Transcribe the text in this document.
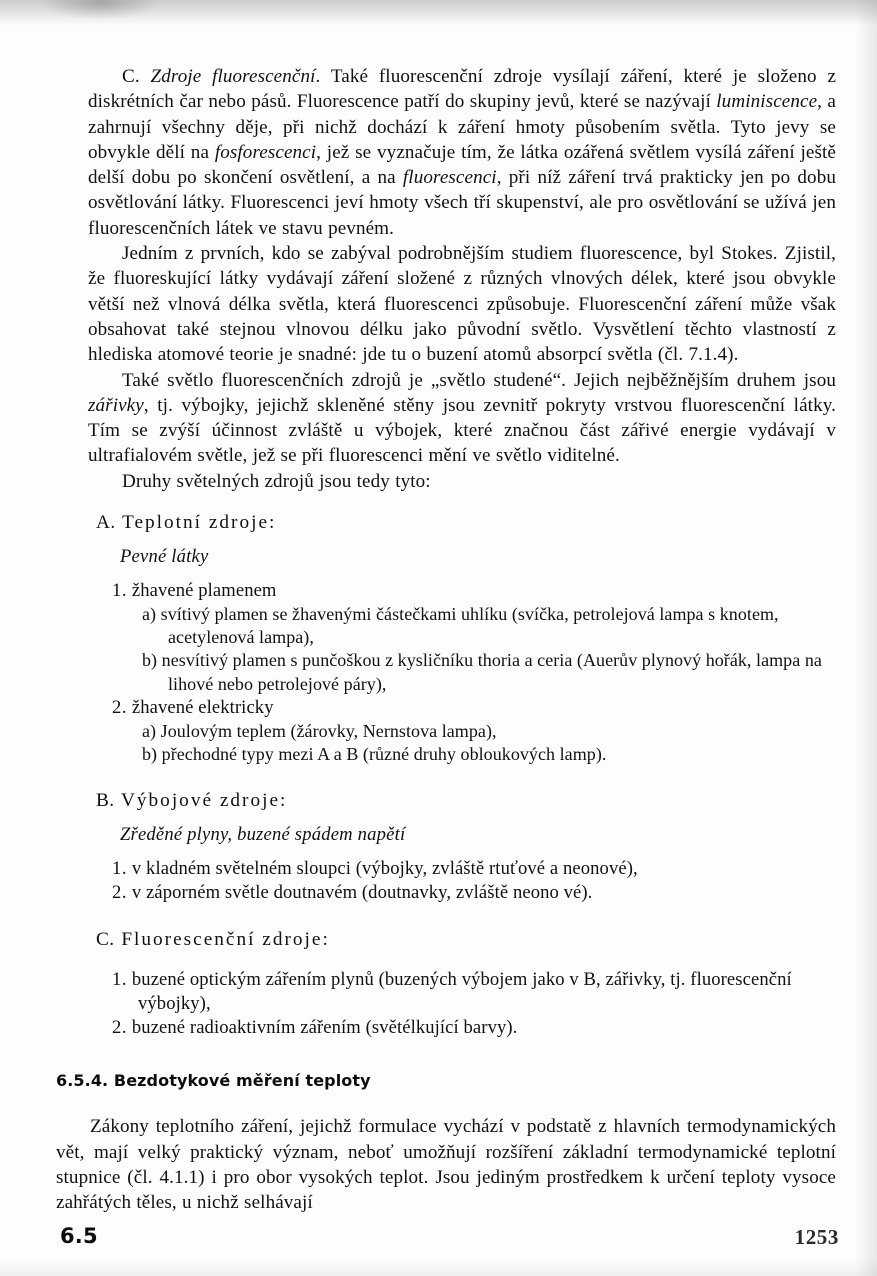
C. Zdroje fluorescenční. Také fluorescenční zdroje vysílají záření, které je složeno z diskrétních čar nebo pásů. Fluorescence patří do skupiny jevů, které se nazývají luminiscence, a zahrnují všechny děje, při nichž dochází k záření hmoty působením světla. Tyto jevy se obvykle dělí na fosforescenci, jež se vyznačuje tím, že látka ozářená světlem vysílá záření ještě delší dobu po skončení osvětlení, a na fluorescenci, při níž záření trvá prakticky jen po dobu osvětlování látky. Fluorescenci jeví hmoty všech tří skupenství, ale pro osvětlování se užívá jen fluorescenčních látek ve stavu pevném.

Jedním z prvních, kdo se zabýval podrobnějším studiem fluorescence, byl Stokes. Zjistil, že fluoreskující látky vydávají záření složené z různých vlnových délek, které jsou obvykle větší než vlnová délka světla, která fluorescenci způsobuje. Fluorescenční záření může však obsahovat také stejnou vlnovou délku jako původní světlo. Vysvětlení těchto vlastností z hlediska atomové teorie je snadné: jde tu o buzení atomů absorpcí světla (čl. 7.1.4).

Také světlo fluorescenčních zdrojů je „světlo studené“. Jejich nejběžnějším druhem jsou zářivky, tj. výbojky, jejichž skleněné stěny jsou zevnitř pokryty vrstvou fluorescenční látky. Tím se zvýší účinnost zvláště u výbojek, které značnou část zářivé energie vydávají v ultrafialovém světle, jež se při fluorescenci mění ve světlo viditelné.

Druhy světelných zdrojů jsou tedy tyto:

A. Teplotní zdroje:
Pevné látky
1. žhavené plamenem
a) svítivý plamen se žhavenými částečkami uhlíku (svíčka, petrolejová lampa s knotem, acetylenová lampa),
b) nesvítivý plamen s punčoškou z kysličníku thoria a ceria (Auerův plynový hořák, lampa na lihové nebo petrolejové páry),
2. žhavené elektricky
a) Joulovým teplem (žárovky, Nernstova lampa),
b) přechodné typy mezi A a B (různé druhy obloukových lamp).
B. Výbojové zdroje:
Zředěné plyny, buzené spádem napětí
1. v kladném světelném sloupci (výbojky, zvláště rtuťové a neonové),
2. v záporném světle doutnavém (doutnavky, zvláště neono vé).
C. Fluorescenční zdroje:
1. buzené optickým zářením plynů (buzených výbojem jako v B, zářivky, tj. fluorescenční výbojky),
2. buzené radioaktivním zářením (světélkující barvy).
6.5.4. Bezdotykové měření teploty

Zákony teplotního záření, jejichž formulace vychází v podstatě z hlavních termodynamických vět, mají velký praktický význam, neboť umožňují rozšíření základní termodynamické teplotní stupnice (čl. 4.1.1) i pro obor vysokých teplot. Jsou jediným prostředkem k určení teploty vysoce zahřátých těles, u nichž selhávají

6.5	1253
